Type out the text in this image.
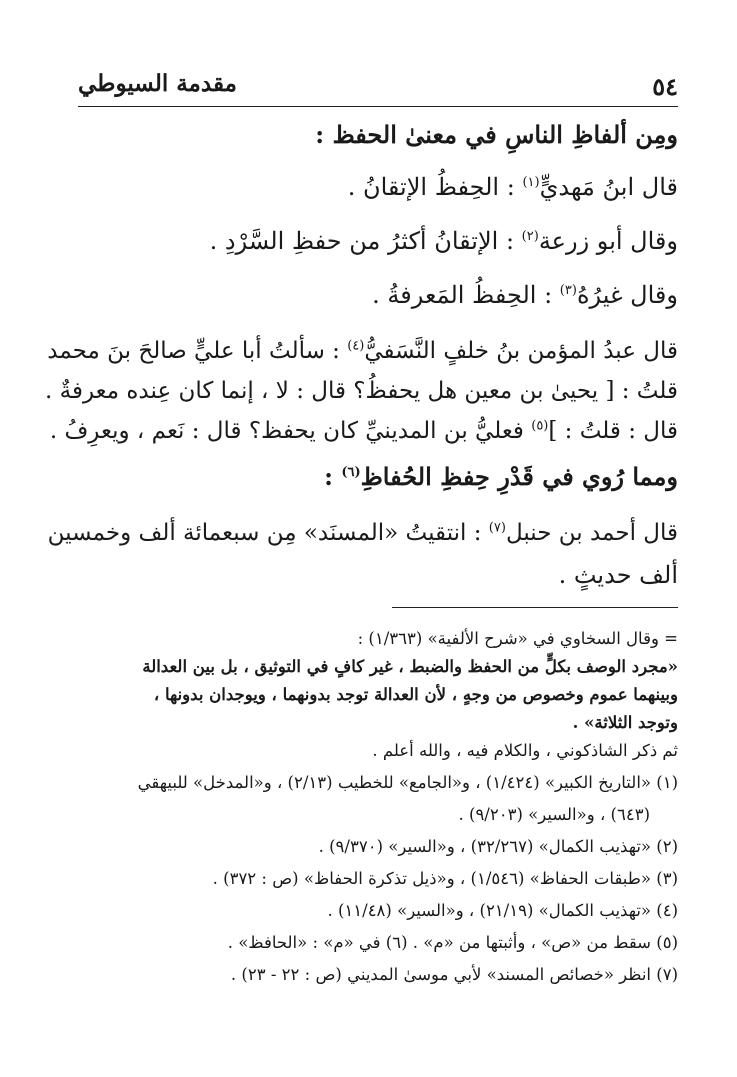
٥٤
مقدمة السيوطي
ومِن ألفاظِ الناسِ في معنىٰ الحفظ :
قال ابنُ مَهديٍّ$^{(١)}$ : الحِفظُ الإتقانُ .
وقال أبو زرعة$^{(٢)}$ : الإتقانُ أكثرُ من حفظِ السَّرْدِ .
وقال غيرُهُ$^{(٣)}$ : الحِفظُ المَعرفةُ .
قال عبدُ المؤمن بنُ خلفٍ النَّسَفيُّ$^{(٤)}$ : سألتُ أبا عليٍّ صالحَ بنَ محمد
قلتُ : [ يحيىٰ بن معين هل يحفظُ؟ قال : لا ، إنما كان عِنده معرفةٌ .
قال : قلتُ : ]$^{(٥)}$ فعليُّ بن المدينيِّ كان يحفظ؟ قال : نَعم ، ويعرِفُ .
ومما رُوي في قَدْرِ حِفظِ الحُفاظِ$^{(٦)}$ :
قال أحمد بن حنبل$^{(٧)}$ : انتقيتُ «المسنَد» مِن سبعمائة ألف وخمسين
ألف حديثٍ .
= وقال السخاوي في «شرح الألفية» (١/٣٦٣) :
«مجرد الوصف بكلٍّ من الحفظ والضبط ، غير كافٍ في التوثيق ، بل بين العدالة
وبينهما عموم وخصوص من وجهٍ ، لأن العدالة توجد بدونهما ، ويوجدان بدونها ،
وتوجد الثلاثة» .
ثم ذكر الشاذكوني ، والكلام فيه ، والله أعلم .
(١) «التاريخ الكبير» (١/٤٢٤) ، و«الجامع» للخطيب (٢/١٣) ، و«المدخل» للبيهقي
(٦٤٣) ، و«السير» (٩/٢٠٣) .
(٢) «تهذيب الكمال» (٣٢/٢٦٧) ، و«السير» (٩/٣٧٠) .
(٣) «طبقات الحفاظ» (١/٥٤٦) ، و«ذيل تذكرة الحفاظ» (ص : ٣٧٢) .
(٤) «تهذيب الكمال» (٢١/١٩) ، و«السير» (١١/٤٨) .
(٥) سقط من «ص» ، وأثبتها من «م» . (٦) في «م» : «الحافظ» .
(٧) انظر «خصائص المسند» لأبي موسىٰ المديني (ص : ٢٢ - ٢٣) .
